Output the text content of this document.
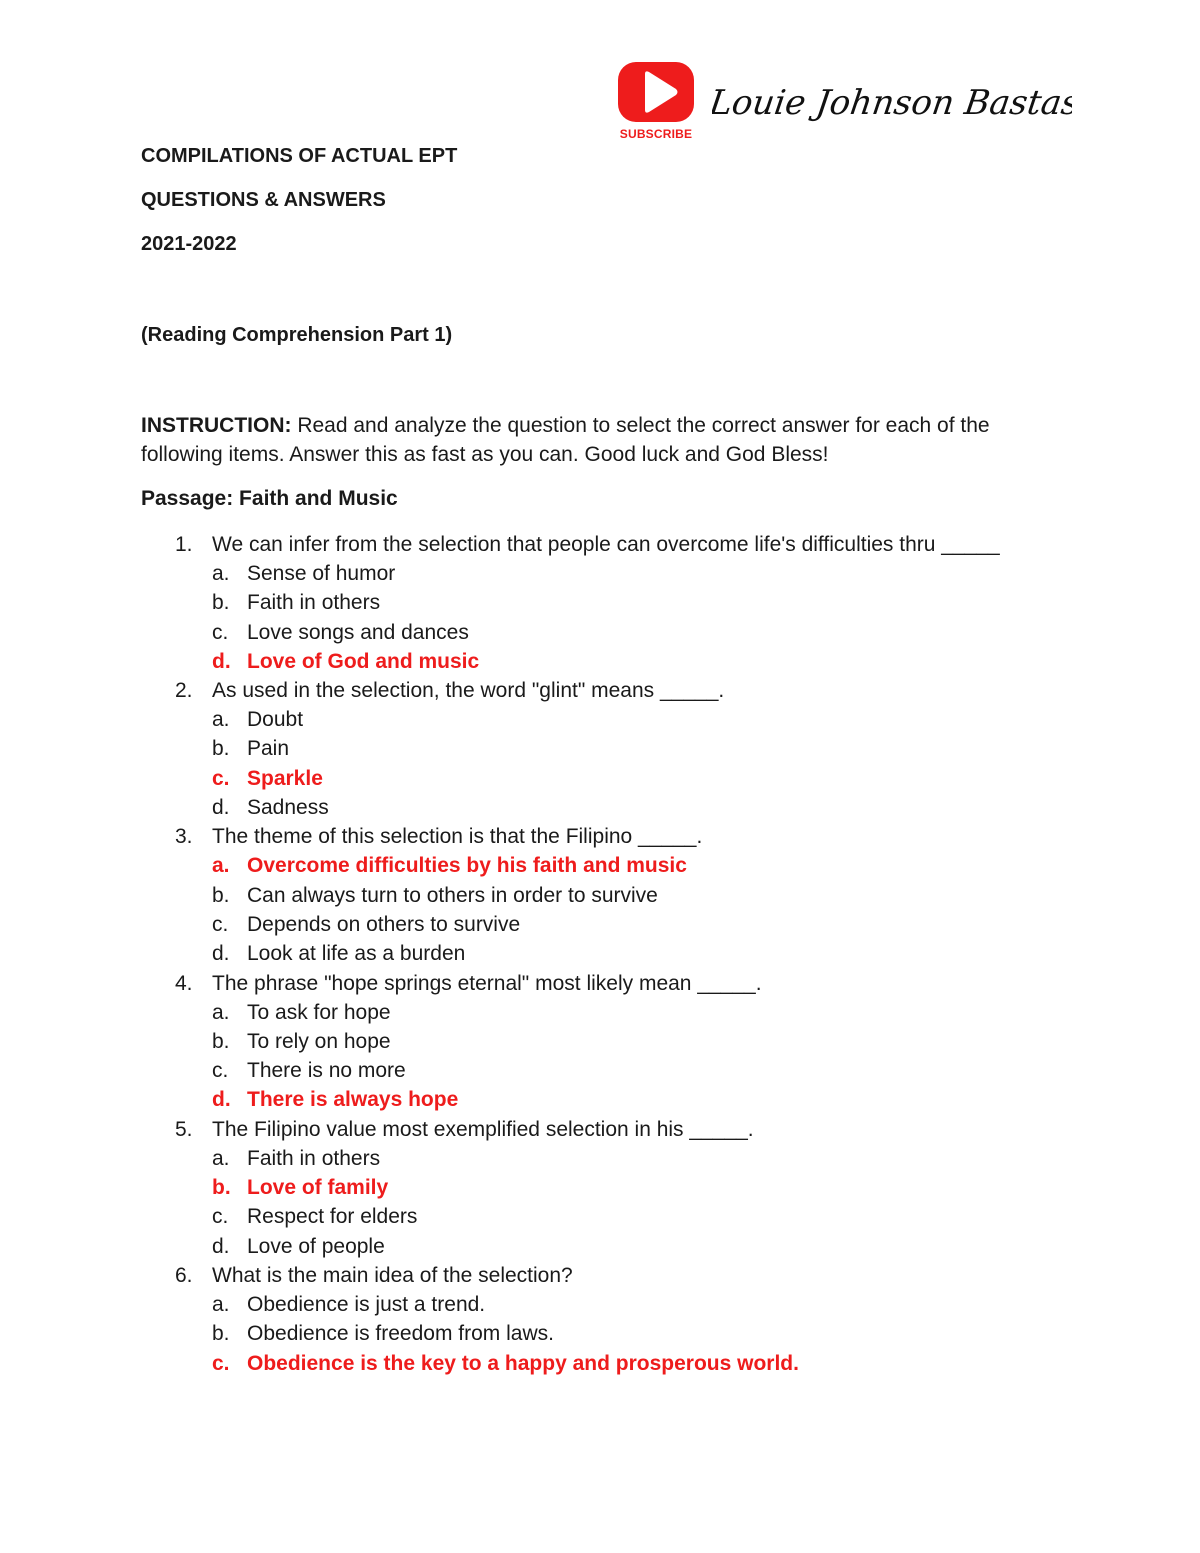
SUBSCRIBE
Louie Johnson Bastasa
COMPILATIONS OF ACTUAL EPT
QUESTIONS & ANSWERS
2021-2022
(Reading Comprehension Part 1)
INSTRUCTION: Read and analyze the question to select the correct answer for each of the following items. Answer this as fast as you can. Good luck and God Bless!
Passage: Faith and Music
1. We can infer from the selection that people can overcome life's difficulties thru _____
a. Sense of humor
b. Faith in others
c. Love songs and dances
d. Love of God and music
2. As used in the selection, the word "glint" means _____.
a. Doubt
b. Pain
c. Sparkle
d. Sadness
3. The theme of this selection is that the Filipino _____.
a. Overcome difficulties by his faith and music
b. Can always turn to others in order to survive
c. Depends on others to survive
d. Look at life as a burden
4. The phrase "hope springs eternal" most likely mean _____.
a. To ask for hope
b. To rely on hope
c. There is no more
d. There is always hope
5. The Filipino value most exemplified selection in his _____.
a. Faith in others
b. Love of family
c. Respect for elders
d. Love of people
6. What is the main idea of the selection?
a. Obedience is just a trend.
b. Obedience is freedom from laws.
c. Obedience is the key to a happy and prosperous world.
